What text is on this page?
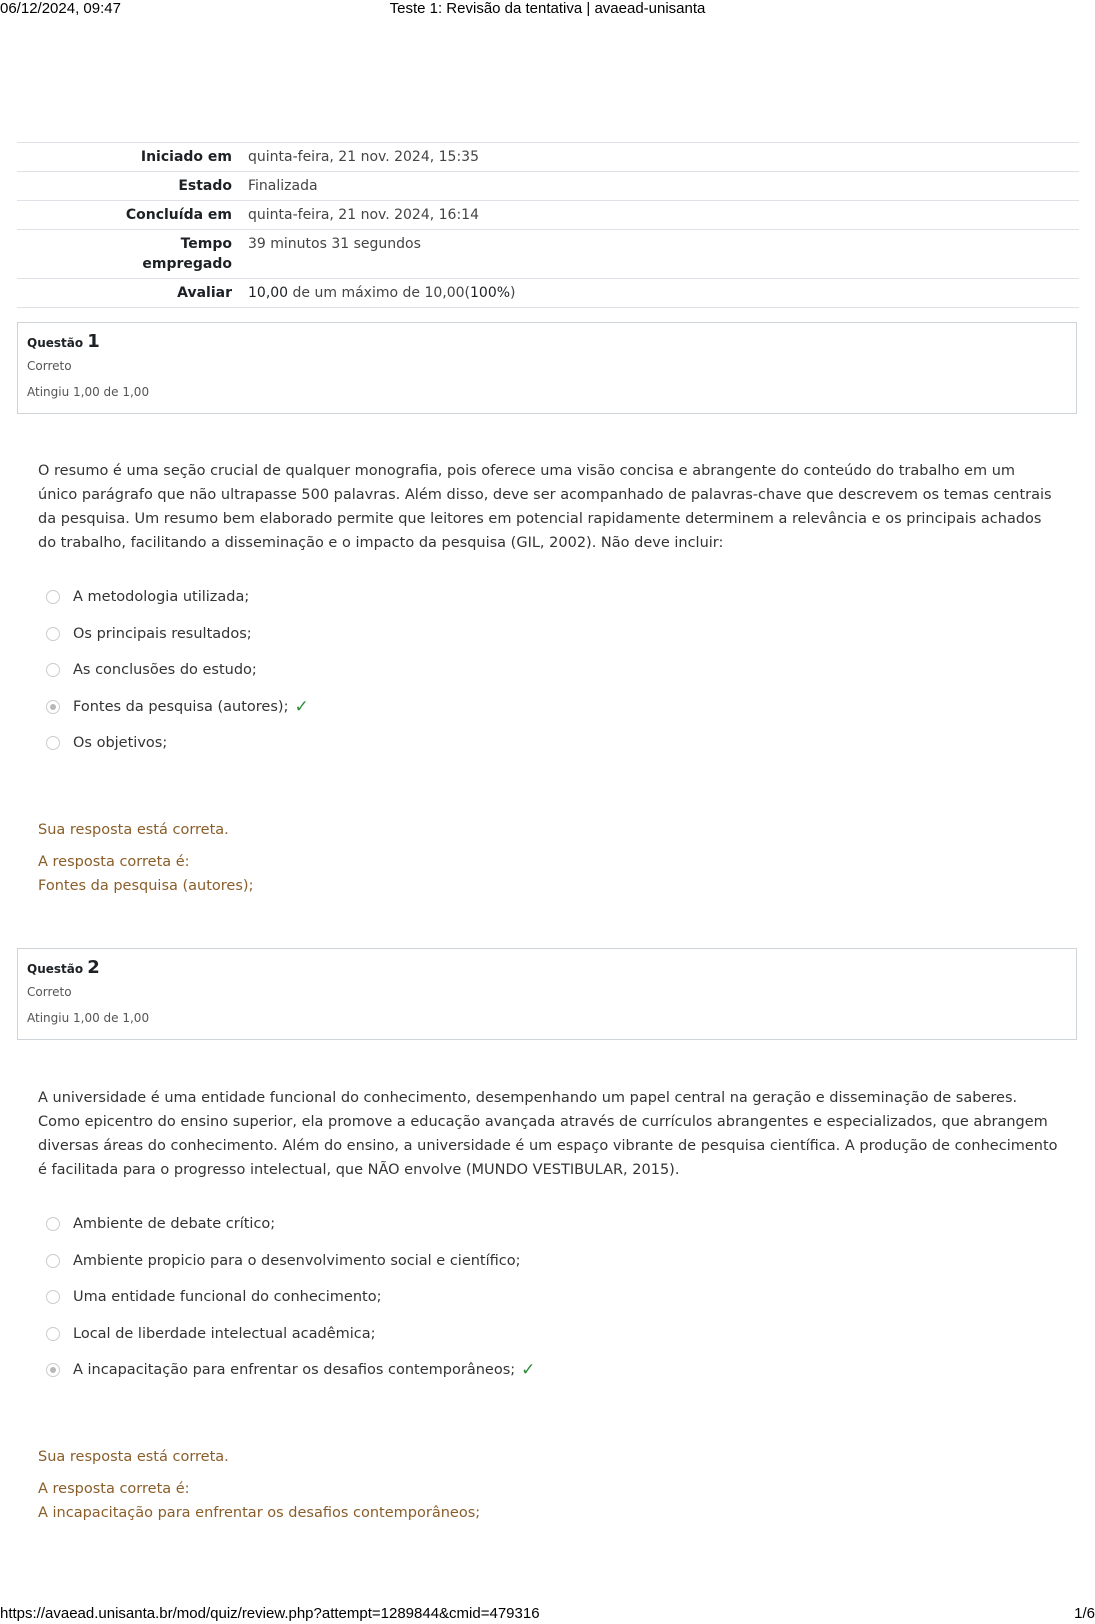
06/12/2024, 09:47	Teste 1: Revisão da tentativa | avaead-unisanta
Iniciado em	quinta-feira, 21 nov. 2024, 15:35
Estado	Finalizada
Concluída em	quinta-feira, 21 nov. 2024, 16:14
Tempo
empregado	39 minutos 31 segundos
Avaliar	10,00 de um máximo de 10,00(100%)
Questão 1
Correto
Atingiu 1,00 de 1,00
O resumo é uma seção crucial de qualquer monografia, pois oferece uma visão concisa e abrangente do conteúdo do trabalho em um único parágrafo que não ultrapasse 500 palavras. Além disso, deve ser acompanhado de palavras-chave que descrevem os temas centrais da pesquisa. Um resumo bem elaborado permite que leitores em potencial rapidamente determinem a relevância e os principais achados do trabalho, facilitando a disseminação e o impacto da pesquisa (GIL, 2002). Não deve incluir:
A metodologia utilizada;
Os principais resultados;
As conclusões do estudo;
Fontes da pesquisa (autores); ✓
Os objetivos;
Sua resposta está correta.
A resposta correta é:
Fontes da pesquisa (autores);
Questão 2
Correto
Atingiu 1,00 de 1,00
A universidade é uma entidade funcional do conhecimento, desempenhando um papel central na geração e disseminação de saberes. Como epicentro do ensino superior, ela promove a educação avançada através de currículos abrangentes e especializados, que abrangem diversas áreas do conhecimento. Além do ensino, a universidade é um espaço vibrante de pesquisa científica. A produção de conhecimento é facilitada para o progresso intelectual, que NÃO envolve (MUNDO VESTIBULAR, 2015).
Ambiente de debate crítico;
Ambiente propicio para o desenvolvimento social e científico;
Uma entidade funcional do conhecimento;
Local de liberdade intelectual acadêmica;
A incapacitação para enfrentar os desafios contemporâneos; ✓
Sua resposta está correta.
A resposta correta é:
A incapacitação para enfrentar os desafios contemporâneos;
https://avaead.unisanta.br/mod/quiz/review.php?attempt=1289844&cmid=479316	1/6
